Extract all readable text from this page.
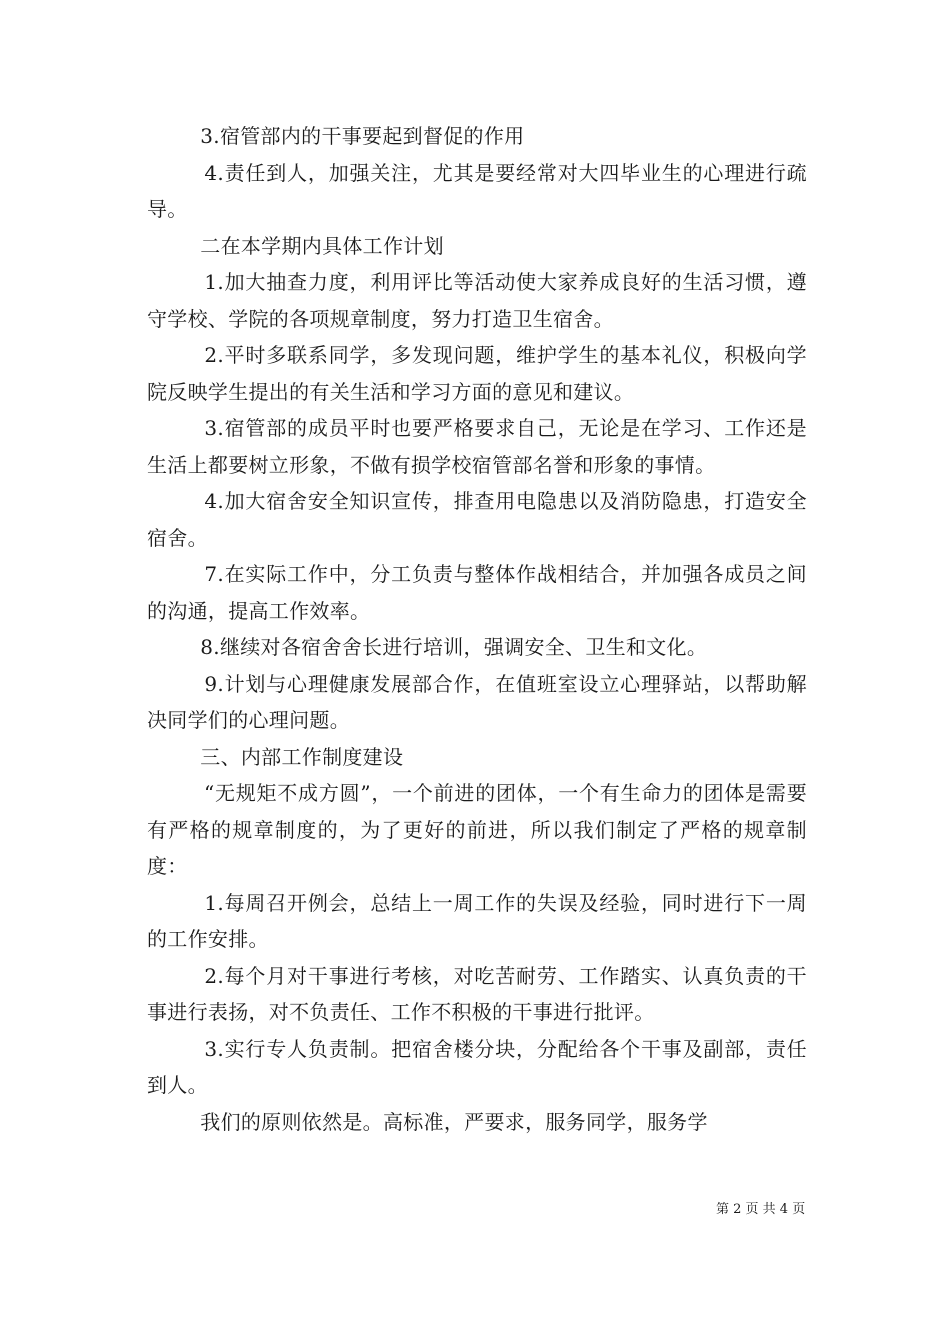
3.宿管部内的干事要起到督促的作用

4.责任到人，加强关注，尤其是要经常对大四毕业生的心理进行疏导。

二在本学期内具体工作计划

1.加大抽查力度，利用评比等活动使大家养成良好的生活习惯，遵守学校、学院的各项规章制度，努力打造卫生宿舍。

2.平时多联系同学，多发现问题，维护学生的基本礼仪，积极向学院反映学生提出的有关生活和学习方面的意见和建议。

3.宿管部的成员平时也要严格要求自己，无论是在学习、工作还是生活上都要树立形象，不做有损学校宿管部名誉和形象的事情。

4.加大宿舍安全知识宣传，排查用电隐患以及消防隐患，打造安全宿舍。

7.在实际工作中，分工负责与整体作战相结合，并加强各成员之间的沟通，提高工作效率。

8.继续对各宿舍舍长进行培训，强调安全、卫生和文化。

9.计划与心理健康发展部合作，在值班室设立心理驿站，以帮助解决同学们的心理问题。

三、内部工作制度建设

“无规矩不成方圆”，一个前进的团体，一个有生命力的团体是需要有严格的规章制度的，为了更好的前进，所以我们制定了严格的规章制度：

1.每周召开例会，总结上一周工作的失误及经验，同时进行下一周的工作安排。

2.每个月对干事进行考核，对吃苦耐劳、工作踏实、认真负责的干事进行表扬，对不负责任、工作不积极的干事进行批评。

3.实行专人负责制。把宿舍楼分块，分配给各个干事及副部，责任到人。

我们的原则依然是。高标准，严要求，服务同学，服务学

第 2 页 共 4 页
